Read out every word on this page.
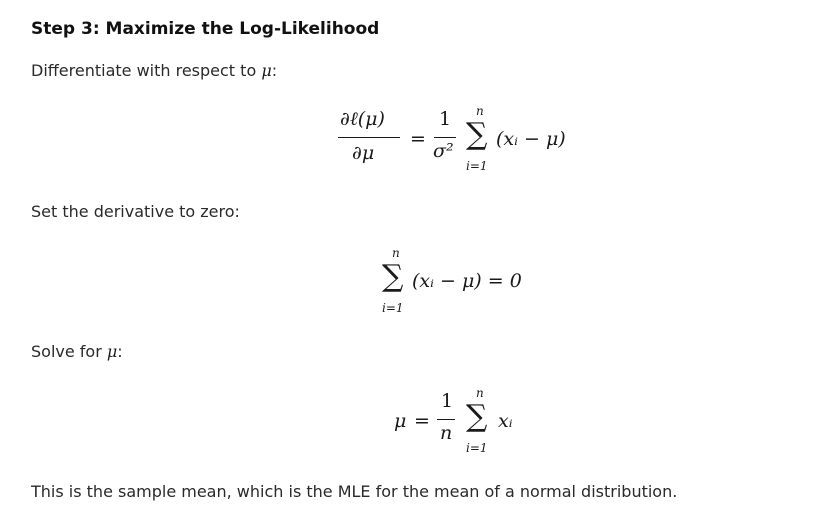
Step 3: Maximize the Log-Likelihood
Differentiate with respect to μ:
∂ℓ(μ)
∂μ
=
1
σ²
n
∑
i=1
(xᵢ − μ)
Set the derivative to zero:
n
∑
i=1
(xᵢ − μ) = 0
Solve for μ:
μ =
1
n
n
∑
i=1
xᵢ
This is the sample mean, which is the MLE for the mean of a normal distribution.
